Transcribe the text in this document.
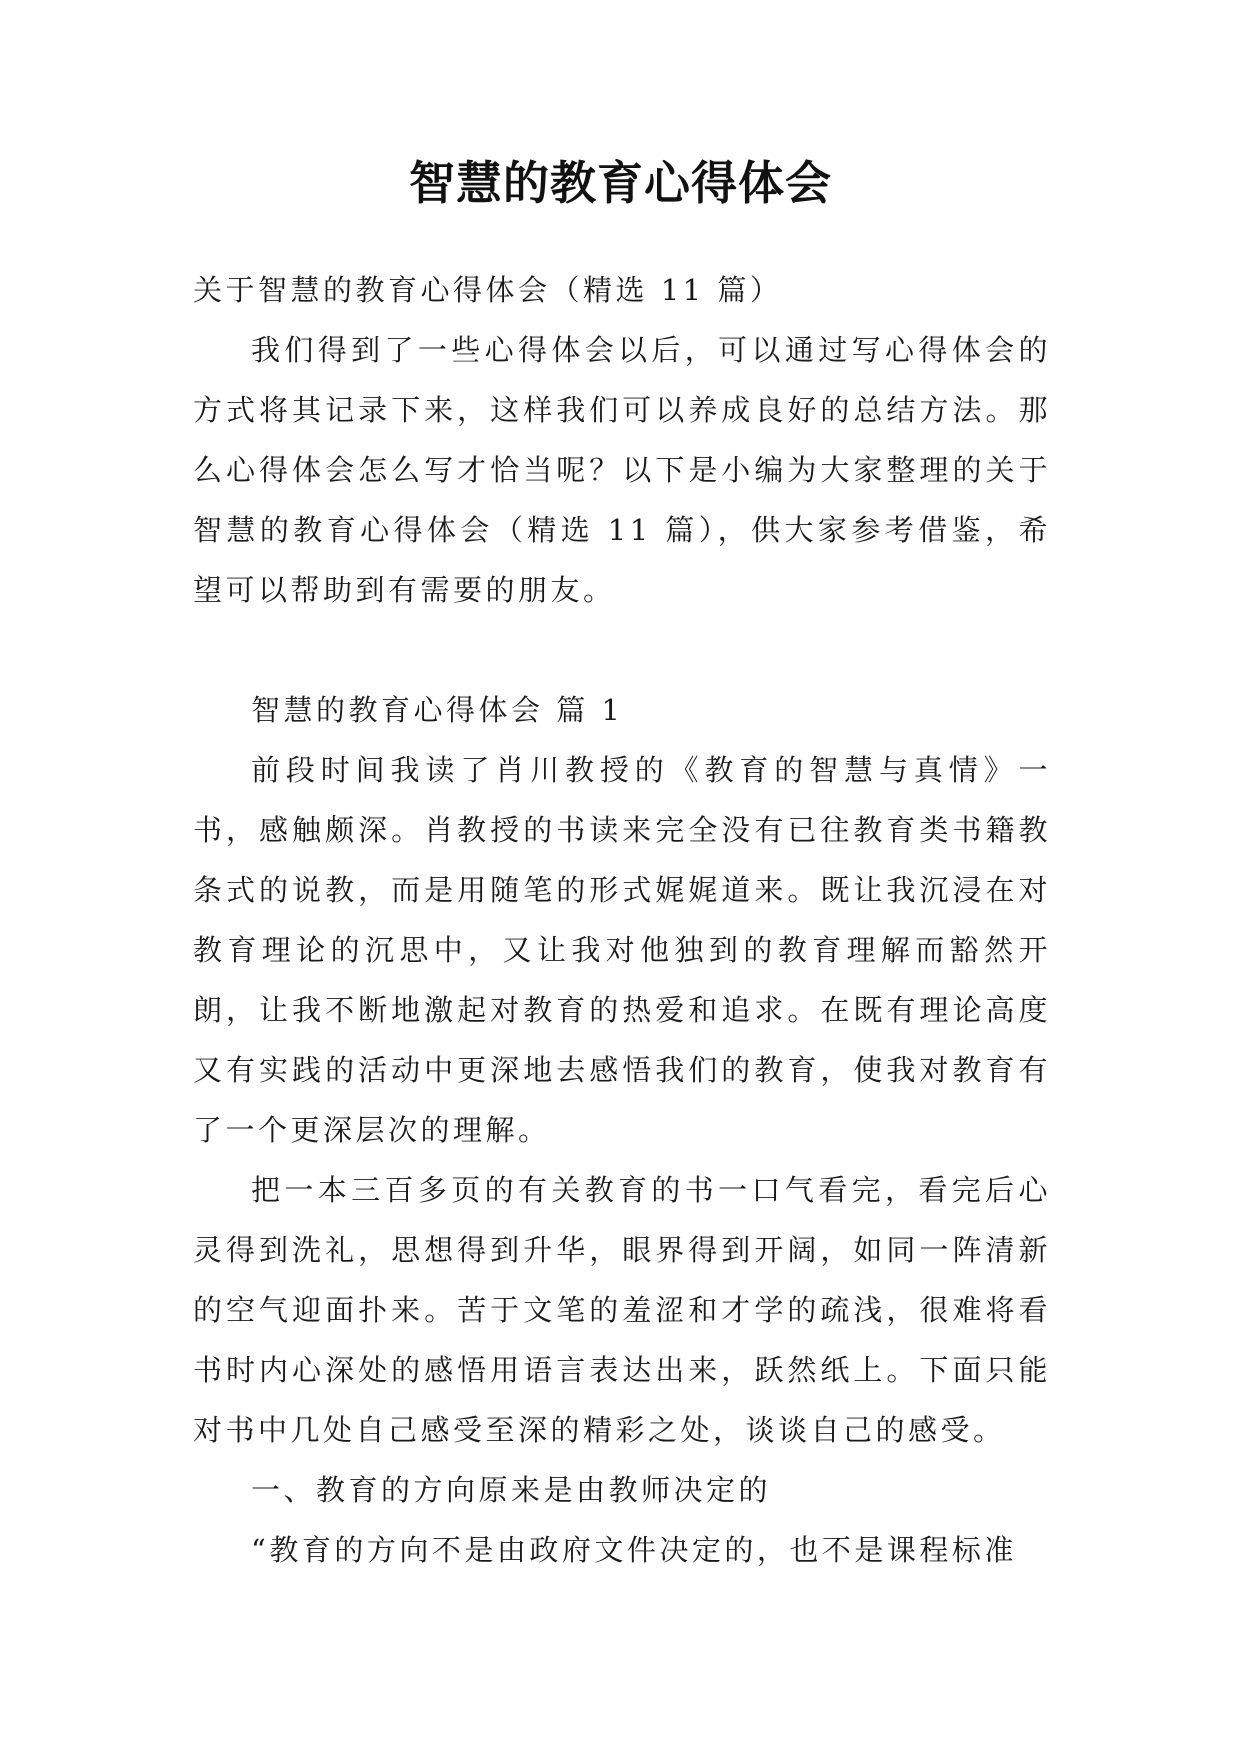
智慧的教育心得体会

关于智慧的教育心得体会（精选 11 篇）

我们得到了一些心得体会以后，可以通过写心得体会的方式将其记录下来，这样我们可以养成良好的总结方法。那么心得体会怎么写才恰当呢？以下是小编为大家整理的关于智慧的教育心得体会（精选 11 篇），供大家参考借鉴，希望可以帮助到有需要的朋友。

智慧的教育心得体会 篇 1

前段时间我读了肖川教授的《教育的智慧与真情》一书，感触颇深。肖教授的书读来完全没有已往教育类书籍教条式的说教，而是用随笔的形式娓娓道来。既让我沉浸在对教育理论的沉思中，又让我对他独到的教育理解而豁然开朗，让我不断地激起对教育的热爱和追求。在既有理论高度又有实践的活动中更深地去感悟我们的教育，使我对教育有了一个更深层次的理解。

把一本三百多页的有关教育的书一口气看完，看完后心灵得到洗礼，思想得到升华，眼界得到开阔，如同一阵清新的空气迎面扑来。苦于文笔的羞涩和才学的疏浅，很难将看书时内心深处的感悟用语言表达出来，跃然纸上。下面只能对书中几处自己感受至深的精彩之处，谈谈自己的感受。

一、教育的方向原来是由教师决定的

“教育的方向不是由政府文件决定的，也不是课程标准
